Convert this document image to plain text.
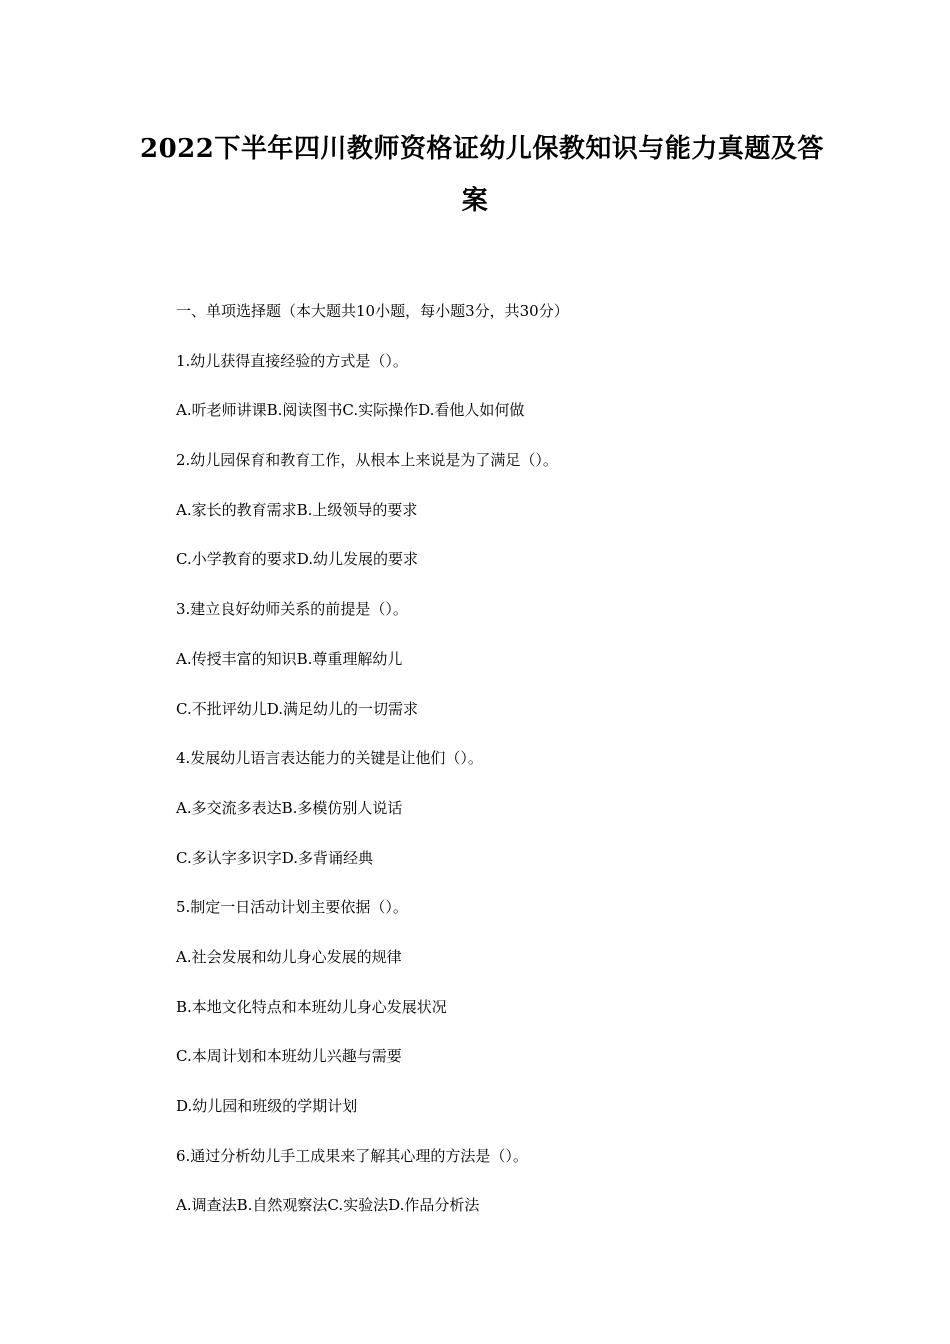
2022下半年四川教师资格证幼儿保教知识与能力真题及答
案
一、单项选择题（本大题共10小题，每小题3分，共30分）
1.幼儿获得直接经验的方式是（）。
A.听老师讲课B.阅读图书C.实际操作D.看他人如何做
2.幼儿园保育和教育工作，从根本上来说是为了满足（）。
A.家长的教育需求B.上级领导的要求
C.小学教育的要求D.幼儿发展的要求
3.建立良好幼师关系的前提是（）。
A.传授丰富的知识B.尊重理解幼儿
C.不批评幼儿D.满足幼儿的一切需求
4.发展幼儿语言表达能力的关键是让他们（）。
A.多交流多表达B.多模仿别人说话
C.多认字多识字D.多背诵经典
5.制定一日活动计划主要依据（）。
A.社会发展和幼儿身心发展的规律
B.本地文化特点和本班幼儿身心发展状况
C.本周计划和本班幼儿兴趣与需要
D.幼儿园和班级的学期计划
6.通过分析幼儿手工成果来了解其心理的方法是（）。
A.调查法B.自然观察法C.实验法D.作品分析法
